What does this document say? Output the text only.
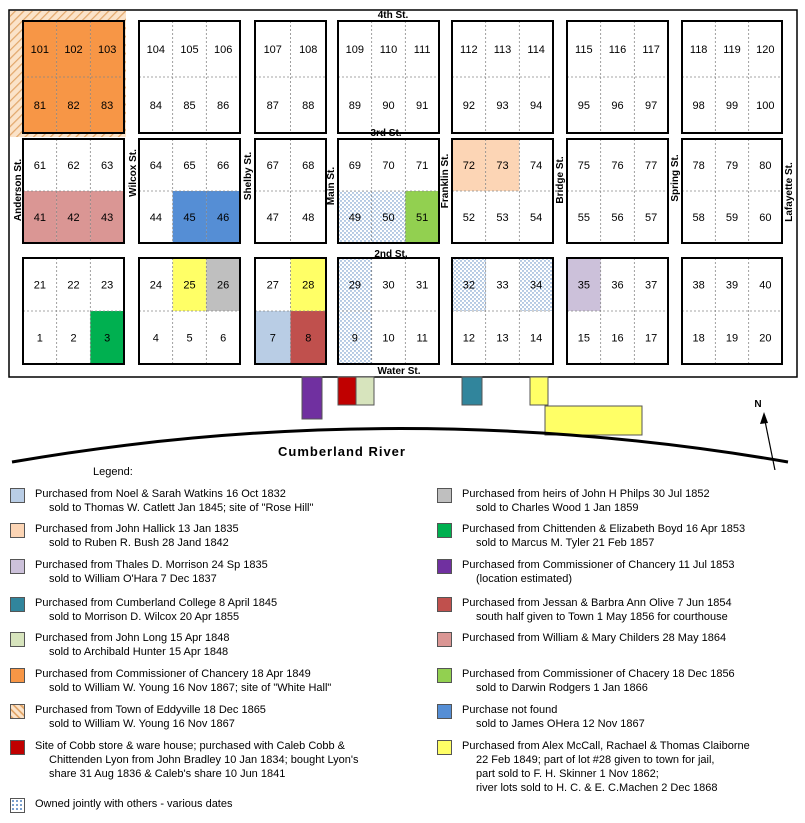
101 102 103
81 82 83
104 105 106
84 85 86
107 108
87 88
109 110 111
89 90 91
112 113 114
92 93 94
115 116 117
95 96 97
118 119 120
98 99 100
61 62 63
41 42 43
64 65 66
44 45 46
67 68
47 48
69 70 71
49 50 51
72 73 74
52 53 54
75 76 77
55 56 57
78 79 80
58 59 60
21 22 23
1	2	3
24 25 26
4	5	6
27 28
7	8
29 30 31
9 10 11
32 33 34
12 13 14
35 36 37
15 16 17
38 39 40
18 19 20
Cumberland River
N
4th St.
3rd St.
2nd St.
Water St.
Anderson St.	Wilcox St.	Shelby St.	Main St.	Franklin St.	Bridge St.	Spring St.	Lafayette St.
Legend:
Purchased from Noel & Sarah Watkins 16 Oct 1832
sold to Thomas W. Catlett Jan 1845; site of "Rose Hill"
Purchased from John Hallick 13 Jan 1835
sold to Ruben R. Bush 28 Jand 1842
Purchased from Thales D. Morrison 24 Sp 1835
sold to William O'Hara 7 Dec 1837
Purchased from Cumberland College 8 April 1845
sold to Morrison D. Wilcox 20 Apr 1855
Purchased from John Long 15 Apr 1848
sold to Archibald Hunter 15 Apr 1848
Purchased from Commissioner of Chancery 18 Apr 1849
sold to William W. Young 16 Nov 1867; site of "White Hall"
Purchased from Town of Eddyville 18 Dec 1865
sold to William W. Young 16 Nov 1867
Site of Cobb store & ware house; purchased with Caleb Cobb &
Chittenden Lyon from John Bradley 10 Jan 1834; bought Lyon's
share 31 Aug 1836 & Caleb's share 10 Jun 1841
Owned jointly with others - various dates
Purchased from heirs of John H Philps 30 Jul 1852
sold to Charles Wood 1 Jan 1859
Purchased from Chittenden & Elizabeth Boyd 16 Apr 1853
sold to Marcus M. Tyler 21 Feb 1857
Purchased from Commissioner of Chancery 11 Jul 1853
(location estimated)
Purchased from Jessan & Barbra Ann Olive 7 Jun 1854
south half given to Town 1 May 1856 for courthouse
Purchased from William & Mary Childers 28 May 1864
Purchased from Commissioner of Chacery 18 Dec 1856
sold to Darwin Rodgers 1 Jan 1866
Purchase not found
sold to James OHera 12 Nov 1867
Purchased from Alex McCall, Rachael & Thomas Claiborne
22 Feb 1849; part of lot #28 given to town for jail,
part sold to F. H. Skinner 1 Nov 1862;
river lots sold to H. C. & E. C.Machen 2 Dec 1868
